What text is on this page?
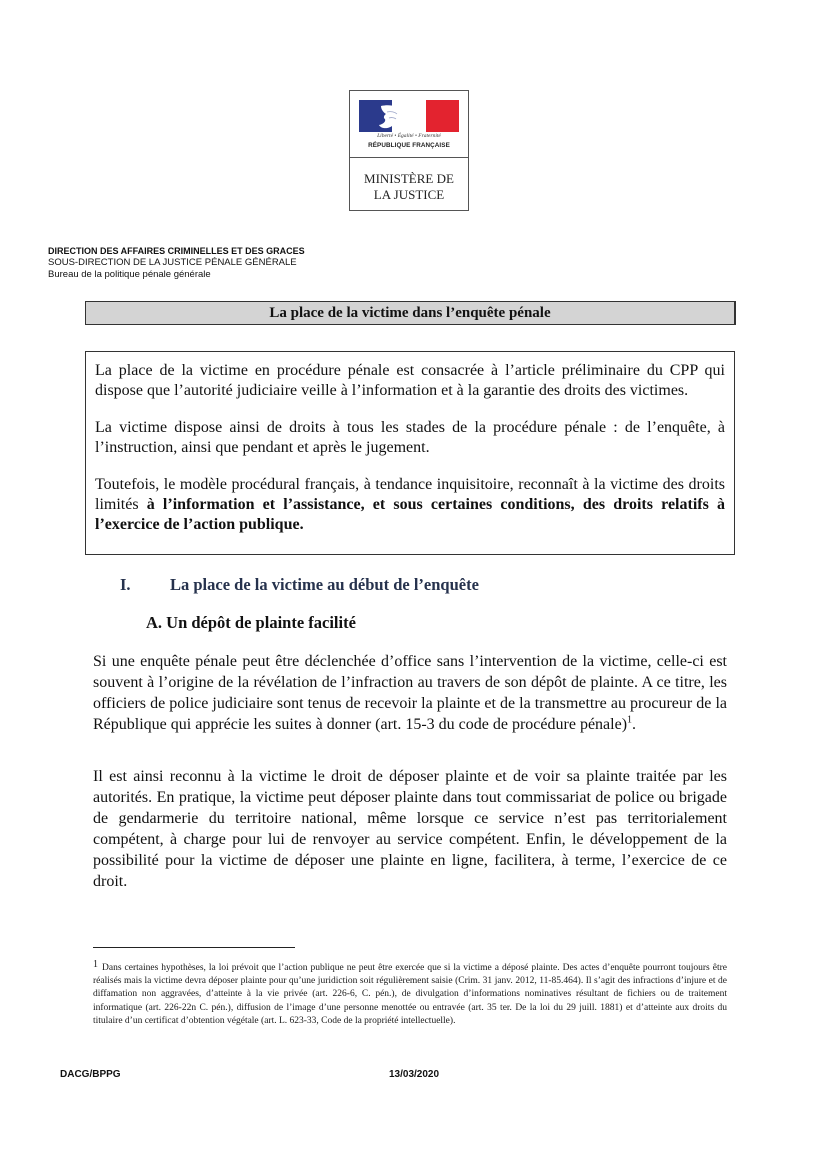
Liberté • Égalité • Fraternité
RÉPUBLIQUE FRANÇAISE
MINISTÈRE DE
LA JUSTICE
DIRECTION DES AFFAIRES CRIMINELLES ET DES GRACES
SOUS-DIRECTION DE LA JUSTICE PÉNALE GÉNÉRALE
Bureau de la politique pénale générale
La place de la victime dans l’enquête pénale

La place de la victime en procédure pénale est consacrée à l’article préliminaire du CPP qui dispose que l’autorité judiciaire veille à l’information et à la garantie des droits des victimes.

La victime dispose ainsi de droits à tous les stades de la procédure pénale : de l’enquête, à l’instruction, ainsi que pendant et après le jugement.

Toutefois, le modèle procédural français, à tendance inquisitoire, reconnaît à la victime des droits limités à l’information et l’assistance, et sous certaines conditions, des droits relatifs à l’exercice de l’action publique.

I. La place de la victime au début de l’enquête
A. Un dépôt de plainte facilité

Si une enquête pénale peut être déclenchée d’office sans l’intervention de la victime, celle-ci est souvent à l’origine de la révélation de l’infraction au travers de son dépôt de plainte. A ce titre, les officiers de police judiciaire sont tenus de recevoir la plainte et de la transmettre au procureur de la République qui apprécie les suites à donner (art. 15-3 du code de procédure pénale)$^1$.

Il est ainsi reconnu à la victime le droit de déposer plainte et de voir sa plainte traitée par les autorités. En pratique, la victime peut déposer plainte dans tout commissariat de police ou brigade de gendarmerie du territoire national, même lorsque ce service n’est pas territorialement compétent, à charge pour lui de renvoyer au service compétent. Enfin, le développement de la possibilité pour la victime de déposer une plainte en ligne, facilitera, à terme, l’exercice de ce droit.

1 Dans certaines hypothèses, la loi prévoit que l’action publique ne peut être exercée que si la victime a déposé plainte. Des actes d’enquête pourront toujours être réalisés mais la victime devra déposer plainte pour qu’une juridiction soit régulièrement saisie (Crim. 31 janv. 2012, 11-85.464). Il s’agit des infractions d’injure et de diffamation non aggravées, d’atteinte à la vie privée (art. 226-6, C. pén.), de divulgation d’informations nominatives résultant de fichiers ou de traitement informatique (art. 226-22n C. pén.), diffusion de l’image d’une personne menottée ou entravée (art. 35 ter. De la loi du 29 juill. 1881) et d’atteinte aux droits du titulaire d’un certificat d’obtention végétale (art. L. 623-33, Code de la propriété intellectuelle).

DACG/BPPG	13/03/2020
